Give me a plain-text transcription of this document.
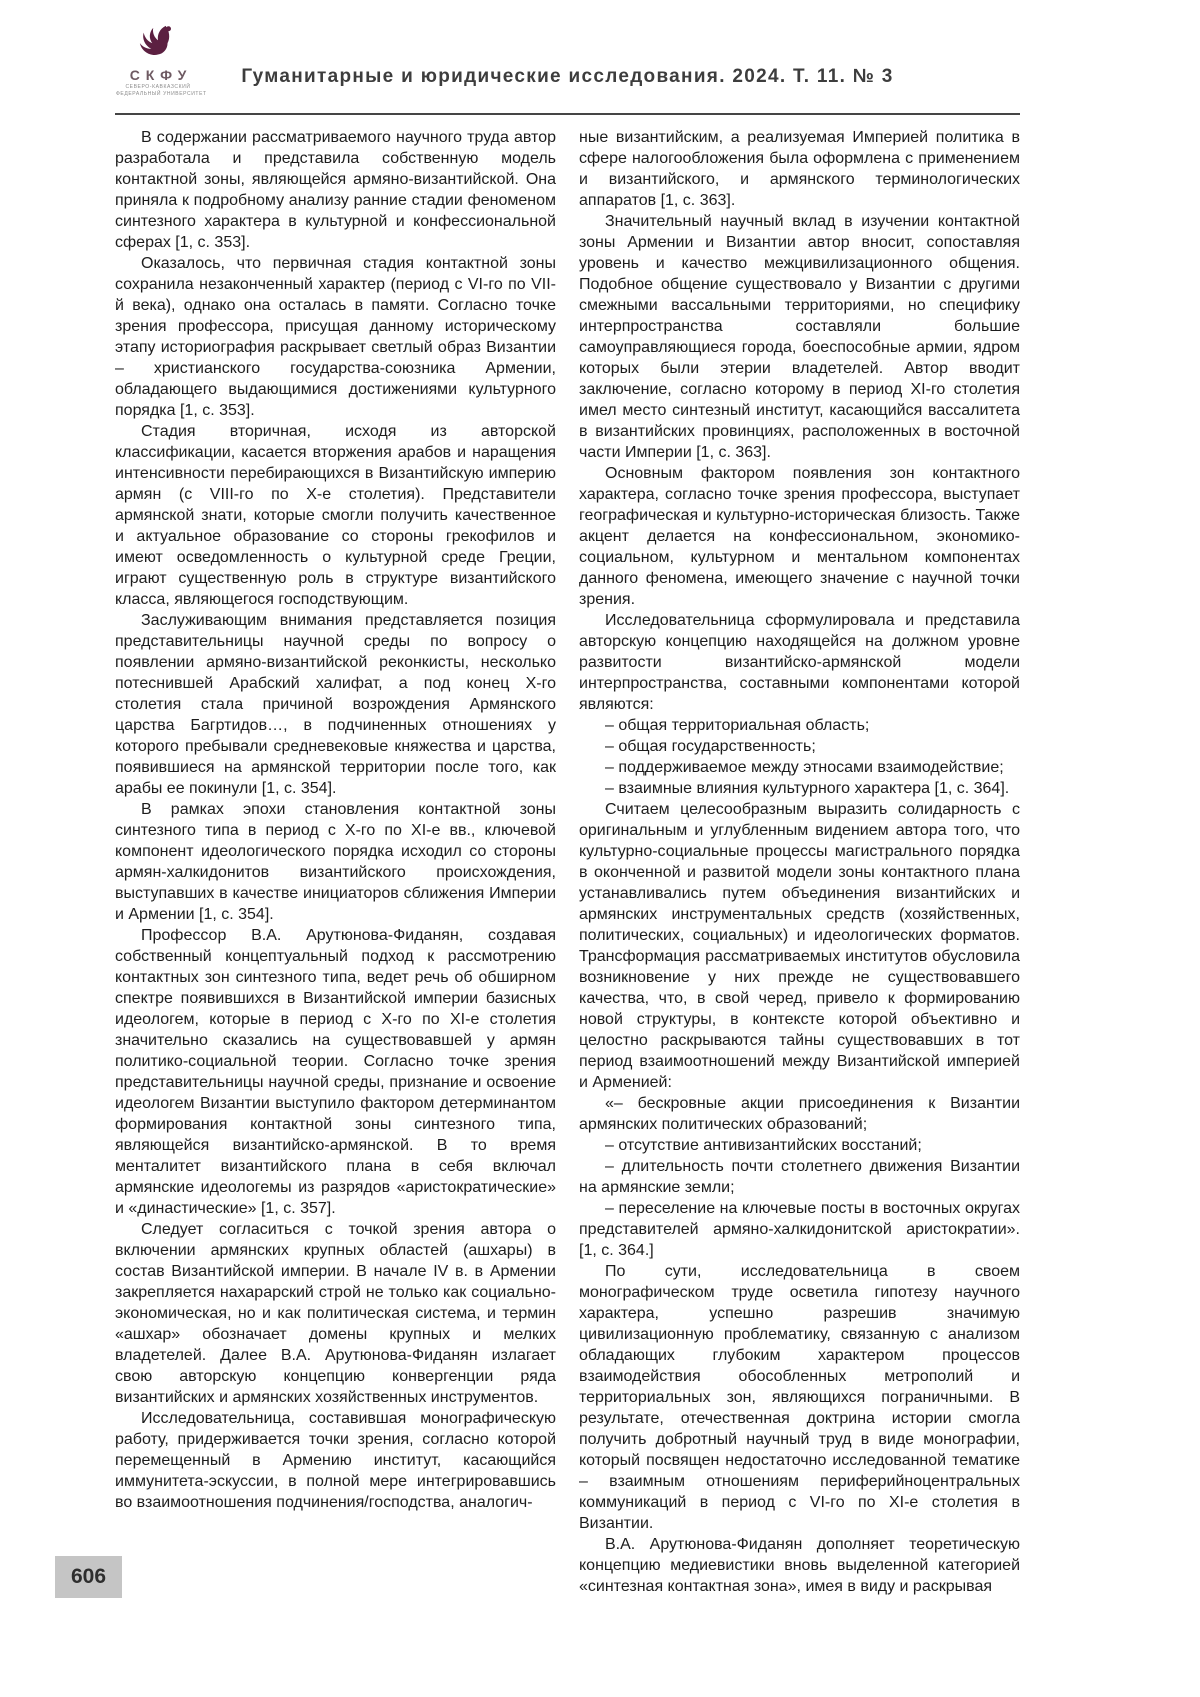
СКФУ
СЕВЕРО-КАВКАЗСКИЙ
ФЕДЕРАЛЬНЫЙ УНИВЕРСИТЕТ
Гуманитарные и юридические исследования. 2024. Т. 11. № 3

В содержании рассматриваемого научного труда автор разработала и представила собственную модель контактной зоны, являющейся армяно-византийской. Она приняла к подробному анализу ранние стадии феноменом синтезного характера в культурной и конфессиональной сферах [1, с. 353].

Оказалось, что первичная стадия контактной зоны сохранила незаконченный характер (период с VI-го по VII-й века), однако она осталась в памяти. Согласно точке зрения профессора, присущая данному историческому этапу историография раскрывает светлый образ Византии – христианского государства-союзника Армении, обладающего выдающимися достижениями культурного порядка [1, с. 353].

Стадия вторичная, исходя из авторской классификации, касается вторжения арабов и наращения интенсивности перебирающихся в Византийскую империю армян (с VIII-го по X-е столетия). Представители армянской знати, которые смогли получить качественное и актуальное образование со стороны грекофилов и имеют осведомленность о культурной среде Греции, играют существенную роль в структуре византийского класса, являющегося господствующим.

Заслуживающим внимания представляется позиция представительницы научной среды по вопросу о появлении армяно-византийской реконкисты, несколько потеснившей Арабский халифат, а под конец X-го столетия стала причиной возрождения Армянского царства Багртидов…, в подчиненных отношениях у которого пребывали средневековые княжества и царства, появившиеся на армянской территории после того, как арабы ее покинули [1, с. 354].

В рамках эпохи становления контактной зоны синтезного типа в период с X-го по XI-е вв., ключевой компонент идеологического порядка исходил со стороны армян-халкидонитов византийского происхождения, выступавших в качестве инициаторов сближения Империи и Армении [1, с. 354].

Профессор В.А. Арутюнова-Фиданян, создавая собственный концептуальный подход к рассмотрению контактных зон синтезного типа, ведет речь об обширном спектре появившихся в Византийской империи базисных идеологем, которые в период с X-го по XI-е столетия значительно сказались на существовавшей у армян политико-социальной теории. Согласно точке зрения представительницы научной среды, признание и освоение идеологем Византии выступило фактором детерминантом формирования контактной зоны синтезного типа, являющейся византийско-армянской. В то время менталитет византийского плана в себя включал армянские идеологемы из разрядов «аристократические» и «династические» [1, с. 357].

Следует согласиться с точкой зрения автора о включении армянских крупных областей (ашхары) в состав Византийской империи. В начале IV в. в Армении закрепляется нахарарский строй не только как социально-экономическая, но и как политическая система, и термин «ашхар» обозначает домены крупных и мелких владетелей. Далее В.А. Арутюнова-Фиданян излагает свою авторскую концепцию конвергенции ряда византийских и армянских хозяйственных инструментов.

Исследовательница, составившая монографическую работу, придерживается точки зрения, согласно которой перемещенный в Армению институт, касающийся иммунитета-эскуссии, в полной мере интегрировавшись во взаимоотношения подчинения/господства, аналогич-

ные византийским, а реализуемая Империей политика в сфере налогообложения была оформлена с применением и византийского, и армянского терминологических аппаратов [1, с. 363].

Значительный научный вклад в изучении контактной зоны Армении и Византии автор вносит, сопоставляя уровень и качество межцивилизационного общения. Подобное общение существовало у Византии с другими смежными вассальными территориями, но специфику интерпространства составляли большие самоуправляющиеся города, боеспособные армии, ядром которых были этерии владетелей. Автор вводит заключение, согласно которому в период XI-го столетия имел место синтезный институт, касающийся вассалитета в византийских провинциях, расположенных в восточной части Империи [1, с. 363].

Основным фактором появления зон контактного характера, согласно точке зрения профессора, выступает географическая и культурно-историческая близость. Также акцент делается на конфессиональном, экономико-социальном, культурном и ментальном компонентах данного феномена, имеющего значение с научной точки зрения.

Исследовательница сформулировала и представила авторскую концепцию находящейся на должном уровне развитости византийско-армянской модели интерпространства, составными компонентами которой являются:

– общая территориальная область;

– общая государственность;

– поддерживаемое между этносами взаимодействие;

– взаимные влияния культурного характера [1, с. 364].

Считаем целесообразным выразить солидарность с оригинальным и углубленным видением автора того, что культурно-социальные процессы магистрального порядка в оконченной и развитой модели зоны контактного плана устанавливались путем объединения византийских и армянских инструментальных средств (хозяйственных, политических, социальных) и идеологических форматов. Трансформация рассматриваемых институтов обусловила возникновение у них прежде не существовавшего качества, что, в свой черед, привело к формированию новой структуры, в контексте которой объективно и целостно раскрываются тайны существовавших в тот период взаимоотношений между Византийской империей и Арменией:

«– бескровные акции присоединения к Византии армянских политических образований;

– отсутствие антивизантийских восстаний;

– длительность почти столетнего движения Византии на армянские земли;

– переселение на ключевые посты в восточных округах представителей армяно-халкидонитской аристократии». [1, с. 364.]

По сути, исследовательница в своем монографическом труде осветила гипотезу научного характера, успешно разрешив значимую цивилизационную проблематику, связанную с анализом обладающих глубоким характером процессов взаимодействия обособленных метрополий и территориальных зон, являющихся пограничными. В результате, отечественная доктрина истории смогла получить добротный научный труд в виде монографии, который посвящен недостаточно исследованной тематике – взаимным отношениям периферийноцентральных коммуникаций в период с VI-го по XI-е столетия в Византии.

В.А. Арутюнова-Фиданян дополняет теоретическую концепцию медиевистики вновь выделенной категорией «синтезная контактная зона», имея в виду и раскрывая

606
